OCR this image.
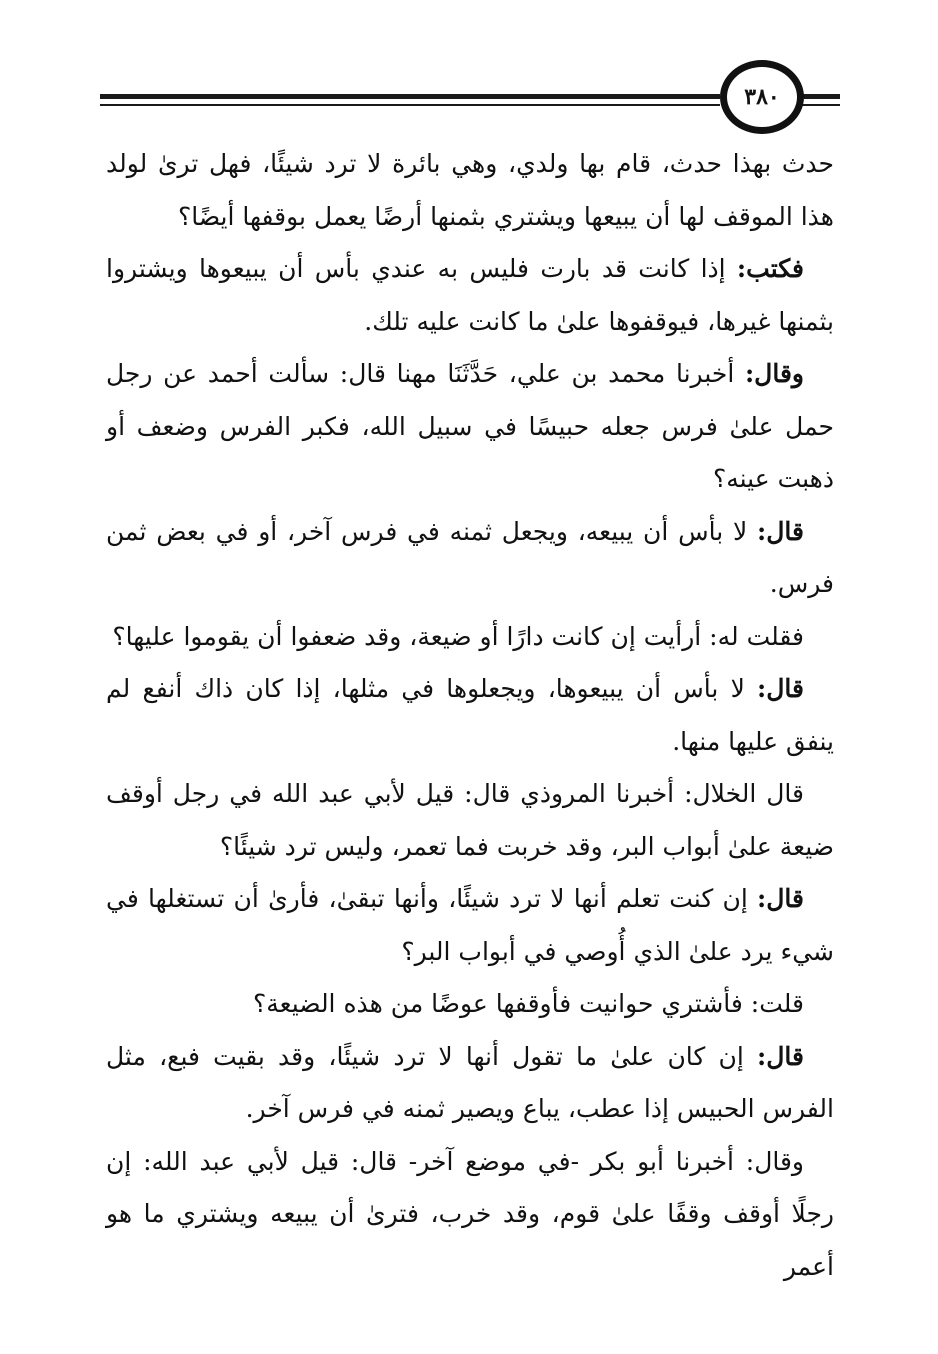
٣٨٠

حدث بهذا حدث، قام بها ولدي، وهي بائرة لا ترد شيئًا، فهل ترىٰ لولد هذا الموقف لها أن يبيعها ويشتري بثمنها أرضًا يعمل بوقفها أيضًا؟

فكتب: إذا كانت قد بارت فليس به عندي بأس أن يبيعوها ويشتروا بثمنها غيرها، فيوقفوها علىٰ ما كانت عليه تلك.

وقال: أخبرنا محمد بن علي، حَدَّثَنَا مهنا قال: سألت أحمد عن رجل حمل علىٰ فرس جعله حبيسًا في سبيل الله، فكبر الفرس وضعف أو ذهبت عينه؟

قال: لا بأس أن يبيعه، ويجعل ثمنه في فرس آخر، أو في بعض ثمن فرس.

فقلت له: أرأيت إن كانت دارًا أو ضيعة، وقد ضعفوا أن يقوموا عليها؟

قال: لا بأس أن يبيعوها، ويجعلوها في مثلها، إذا كان ذاك أنفع لم ينفق عليها منها.

قال الخلال: أخبرنا المروذي قال: قيل لأبي عبد الله في رجل أوقف ضيعة علىٰ أبواب البر، وقد خربت فما تعمر، وليس ترد شيئًا؟

قال: إن كنت تعلم أنها لا ترد شيئًا، وأنها تبقىٰ، فأرىٰ أن تستغلها في شيء يرد علىٰ الذي أُوصي في أبواب البر؟

قلت: فأشتري حوانيت فأوقفها عوضًا من هذه الضيعة؟

قال: إن كان علىٰ ما تقول أنها لا ترد شيئًا، وقد بقيت فبع، مثل الفرس الحبيس إذا عطب، يباع ويصير ثمنه في فرس آخر.

وقال: أخبرنا أبو بكر -في موضع آخر- قال: قيل لأبي عبد الله: إن رجلًا أوقف وقفًا علىٰ قوم، وقد خرب، فترىٰ أن يبيعه ويشتري ما هو أعمر
